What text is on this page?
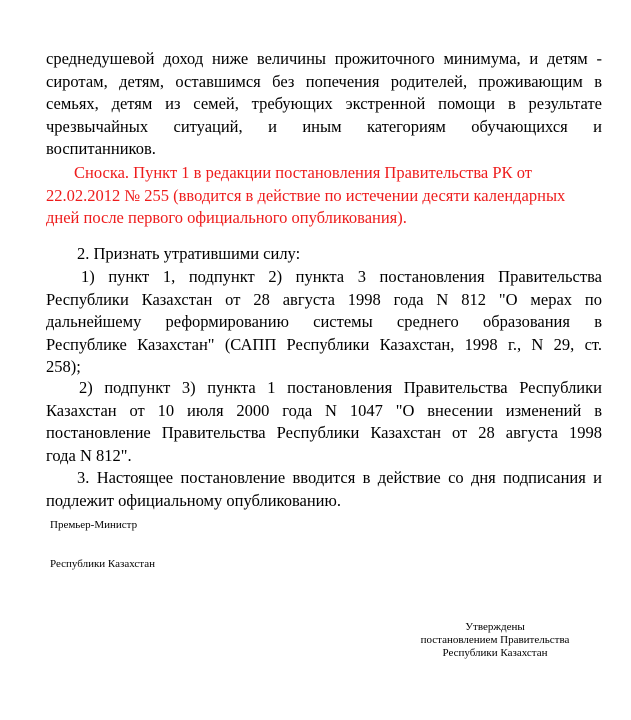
среднедушевой доход ниже величины прожиточного минимума, и детям -
сиротам, детям, оставшимся без попечения родителей, проживающим в
семьях, детям из семей, требующих экстренной помощи в результате
чрезвычайных ситуаций, и иным категориям обучающихся и
воспитанников.
Сноска. Пункт 1 в редакции постановления Правительства РК от
22.02.2012 № 255 (вводится в действие по истечении десяти календарных
дней после первого официального опубликования).
2. Признать утратившими силу:
1) пункт 1, подпункт 2) пункта 3 постановления Правительства
Республики Казахстан от 28 августа 1998 года N 812 "О мерах по
дальнейшему реформированию системы среднего образования в
Республике Казахстан" (САПП Республики Казахстан, 1998 г., N 29, ст.
258);
2) подпункт 3) пункта 1 постановления Правительства Республики
Казахстан от 10 июля 2000 года N 1047 "О внесении изменений в
постановление Правительства Республики Казахстан от 28 августа 1998
года N 812".
3. Настоящее постановление вводится в действие со дня подписания и
подлежит официальному опубликованию.
Премьер-Министр
Республики Казахстан
Утверждены
постановлением Правительства
Республики Казахстан
